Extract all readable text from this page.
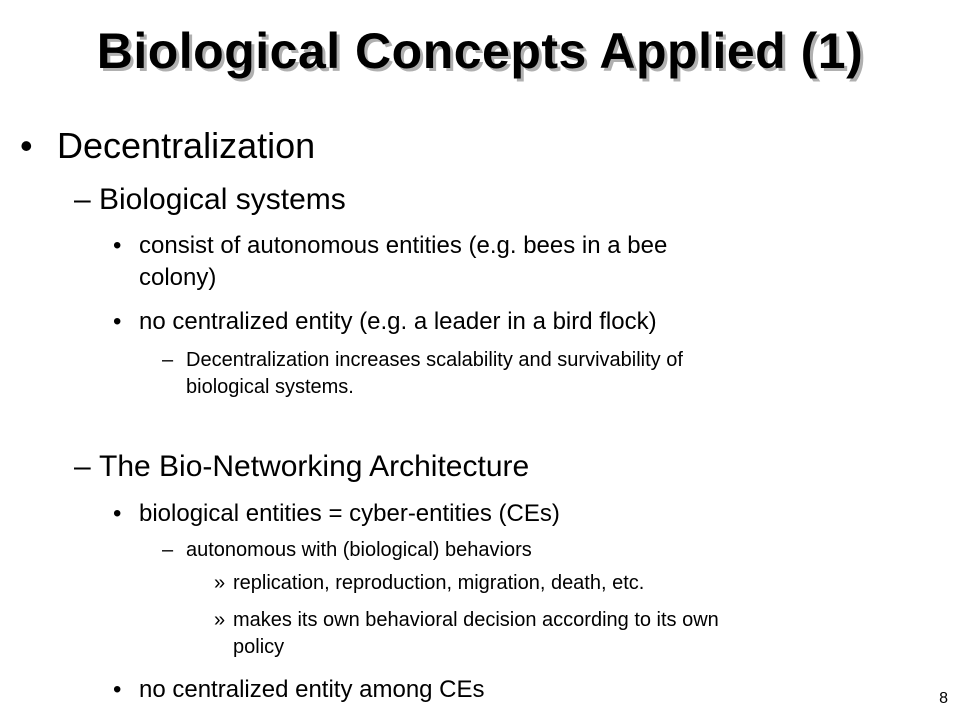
Biological Concepts Applied (1)
• Decentralization
– Biological systems
• consist of autonomous entities (e.g. bees in a bee
colony)
• no centralized entity (e.g. a leader in a bird flock)
– Decentralization increases scalability and survivability of
biological systems.
– The Bio-Networking Architecture
• biological entities = cyber-entities (CEs)
– autonomous with (biological) behaviors
» replication, reproduction, migration, death, etc.
» makes its own behavioral decision according to its own
policy
• no centralized entity among CEs	8
